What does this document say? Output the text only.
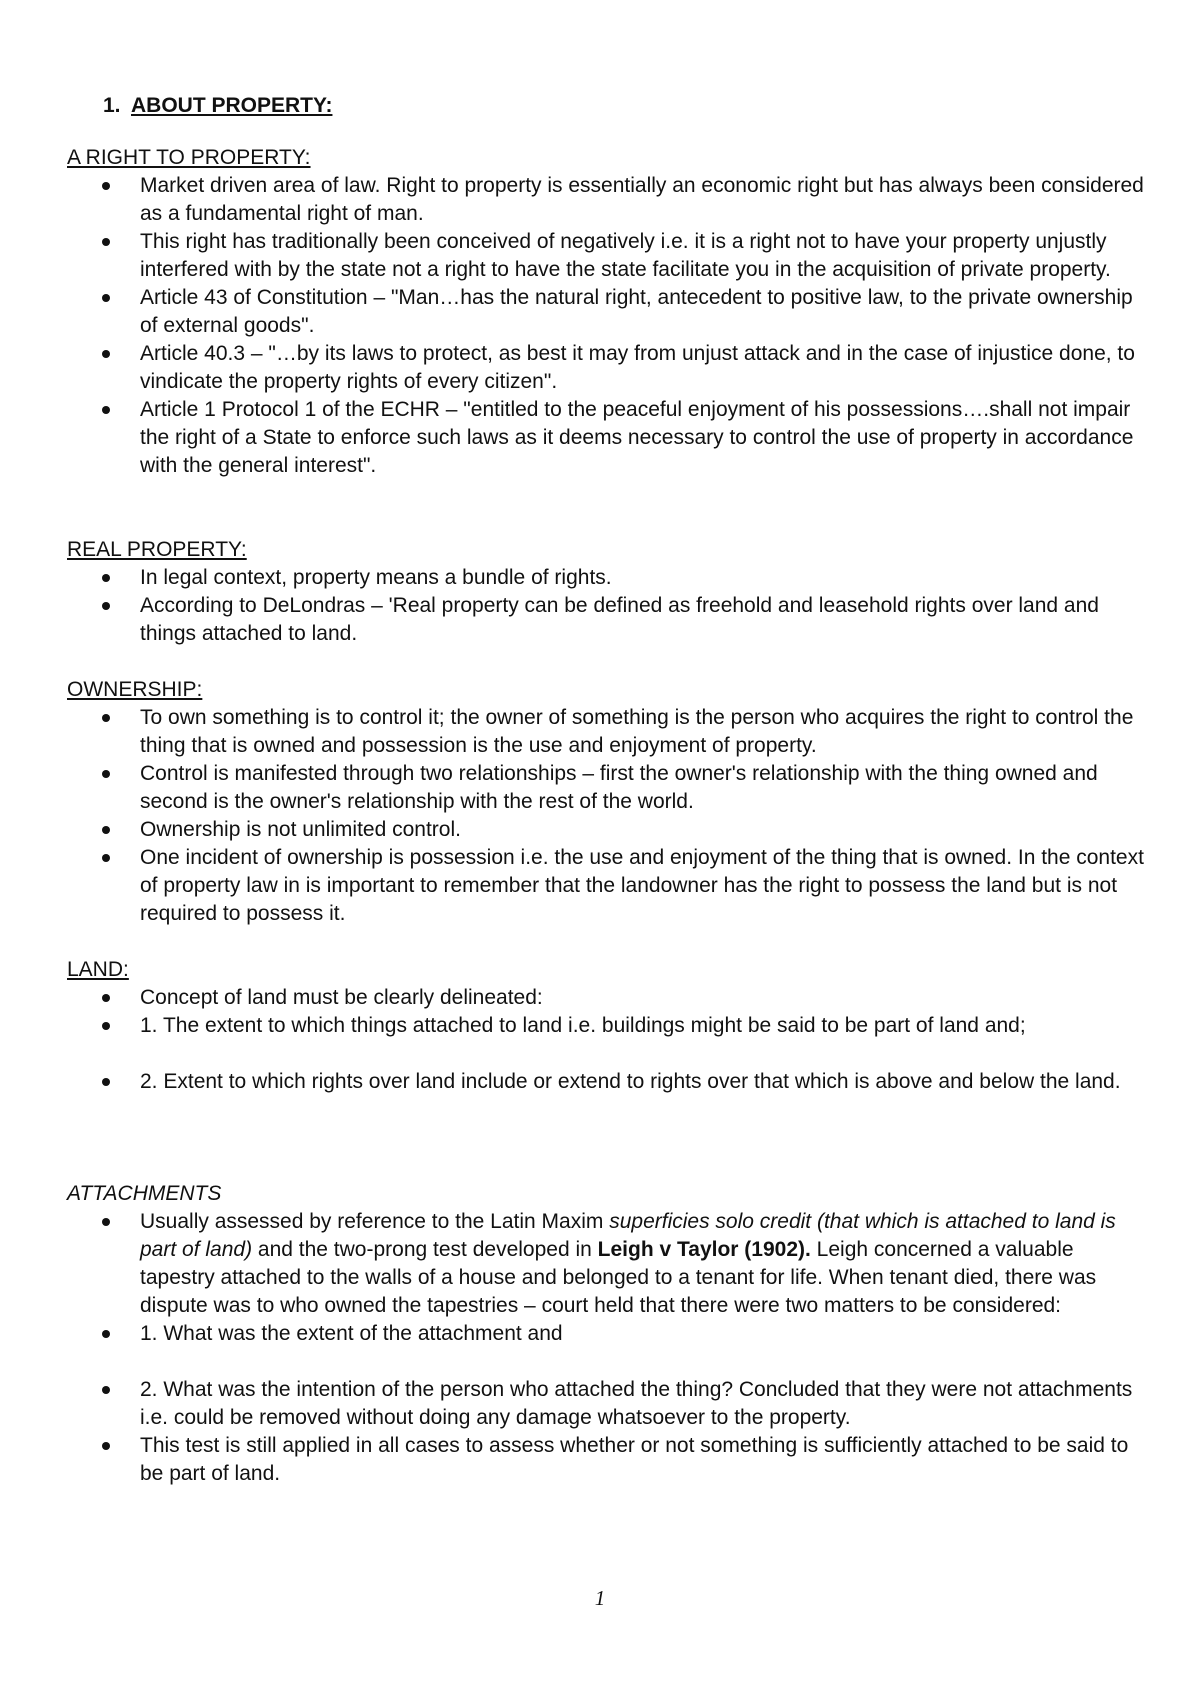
1. ABOUT PROPERTY:
A RIGHT TO PROPERTY:
Market driven area of law. Right to property is essentially an economic right but has always been considered as a fundamental right of man.
This right has traditionally been conceived of negatively i.e. it is a right not to have your property unjustly interfered with by the state not a right to have the state facilitate you in the acquisition of private property.
Article 43 of Constitution – "Man…has the natural right, antecedent to positive law, to the private ownership of external goods".
Article 40.3 – "…by its laws to protect, as best it may from unjust attack and in the case of injustice done, to vindicate the property rights of every citizen".
Article 1 Protocol 1 of the ECHR – "entitled to the peaceful enjoyment of his possessions….shall not impair the right of a State to enforce such laws as it deems necessary to control the use of property in accordance with the general interest".
REAL PROPERTY:
In legal context, property means a bundle of rights.
According to DeLondras – 'Real property can be defined as freehold and leasehold rights over land and things attached to land.
OWNERSHIP:
To own something is to control it; the owner of something is the person who acquires the right to control the thing that is owned and possession is the use and enjoyment of property.
Control is manifested through two relationships – first the owner's relationship with the thing owned and second is the owner's relationship with the rest of the world.
Ownership is not unlimited control.
One incident of ownership is possession i.e. the use and enjoyment of the thing that is owned. In the context of property law in is important to remember that the landowner has the right to possess the land but is not required to possess it.
LAND:
Concept of land must be clearly delineated:
1. The extent to which things attached to land i.e. buildings might be said to be part of land and;
2. Extent to which rights over land include or extend to rights over that which is above and below the land.
ATTACHMENTS
Usually assessed by reference to the Latin Maxim superficies solo credit (that which is attached to land is part of land) and the two-prong test developed in Leigh v Taylor (1902). Leigh concerned a valuable tapestry attached to the walls of a house and belonged to a tenant for life. When tenant died, there was dispute was to who owned the tapestries – court held that there were two matters to be considered:
1. What was the extent of the attachment and
2. What was the intention of the person who attached the thing? Concluded that they were not attachments i.e. could be removed without doing any damage whatsoever to the property.
This test is still applied in all cases to assess whether or not something is sufficiently attached to be said to be part of land.
1
